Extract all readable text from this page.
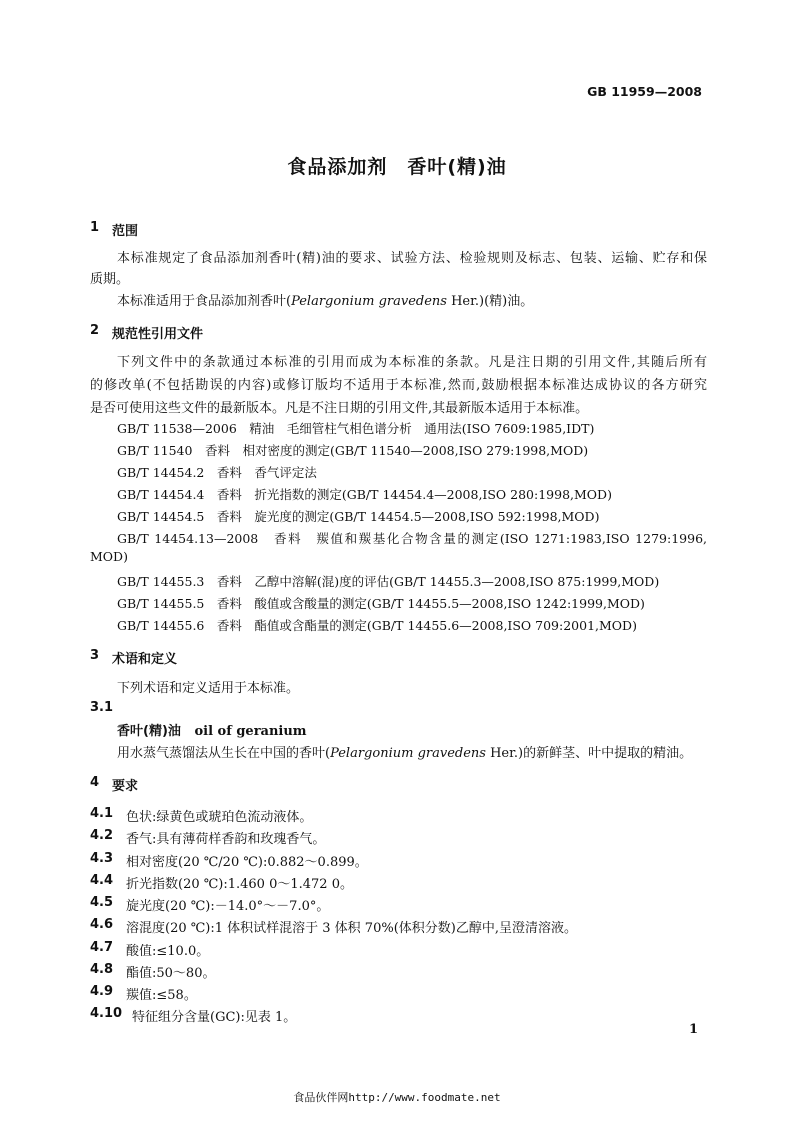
GB 11959—2008
食品添加剂　香叶(精)油
1 范围
本标准规定了食品添加剂香叶(精)油的要求、试验方法、检验规则及标志、包装、运输、贮存和保
质期。
本标准适用于食品添加剂香叶(Pelargonium gravedens Her.)(精)油。
2 规范性引用文件
下列文件中的条款通过本标准的引用而成为本标准的条款。凡是注日期的引用文件,其随后所有
的修改单(不包括勘误的内容)或修订版均不适用于本标准,然而,鼓励根据本标准达成协议的各方研究
是否可使用这些文件的最新版本。凡是不注日期的引用文件,其最新版本适用于本标准。
GB/T 11538—2006　精油　毛细管柱气相色谱分析　通用法(ISO 7609:1985,IDT)
GB/T 11540　香料　相对密度的测定(GB/T 11540—2008,ISO 279:1998,MOD)
GB/T 14454.2　香料　香气评定法
GB/T 14454.4　香料　折光指数的测定(GB/T 14454.4—2008,ISO 280:1998,MOD)
GB/T 14454.5　香料　旋光度的测定(GB/T 14454.5—2008,ISO 592:1998,MOD)
GB/T 14454.13—2008　香料　羰值和羰基化合物含量的测定(ISO 1271:1983,ISO 1279:1996,
MOD)
GB/T 14455.3　香料　乙醇中溶解(混)度的评估(GB/T 14455.3—2008,ISO 875:1999,MOD)
GB/T 14455.5　香料　酸值或含酸量的测定(GB/T 14455.5—2008,ISO 1242:1999,MOD)
GB/T 14455.6　香料　酯值或含酯量的测定(GB/T 14455.6—2008,ISO 709:2001,MOD)
3 术语和定义
下列术语和定义适用于本标准。
3.1
香叶(精)油 oil of geranium
用水蒸气蒸馏法从生长在中国的香叶(Pelargonium gravedens Her.)的新鲜茎、叶中提取的精油。
4 要求
4.1 色状:绿黄色或琥珀色流动液体。
4.2 香气:具有薄荷样香韵和玫瑰香气。
4.3 相对密度(20 ℃/20 ℃):0.882～0.899。
4.4 折光指数(20 ℃):1.460 0～1.472 0。
4.5 旋光度(20 ℃):－14.0°～－7.0°。
4.6 溶混度(20 ℃):1 体积试样混溶于 3 体积 70%(体积分数)乙醇中,呈澄清溶液。
4.7 酸值:≤10.0。
4.8 酯值:50～80。
4.9 羰值:≤58。
4.10 特征组分含量(GC):见表 1。
1
食品伙伴网http://www.foodmate.net
